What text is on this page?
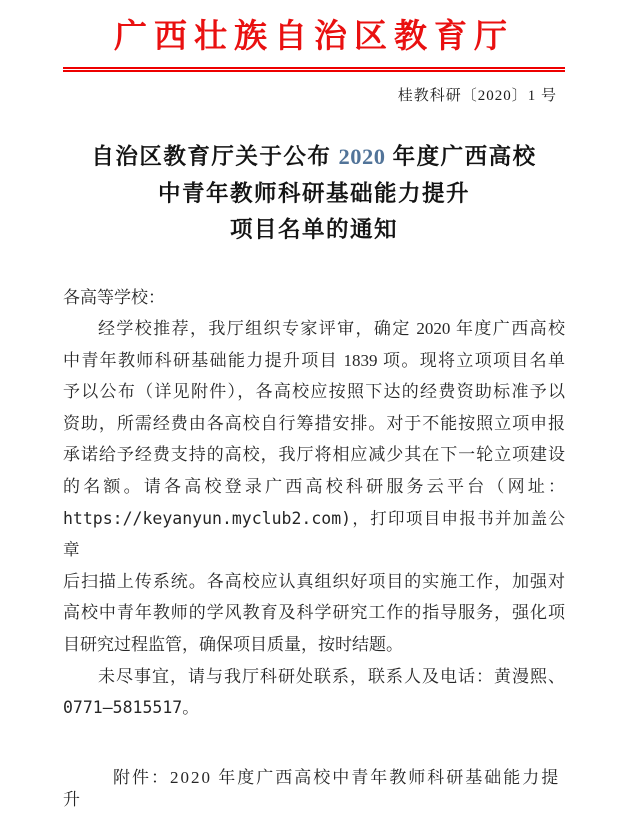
广西壮族自治区教育厅
桂教科研〔2020〕1 号
自治区教育厅关于公布 2020 年度广西高校
中青年教师科研基础能力提升
项目名单的通知
各高等学校：
经学校推荐，我厅组织专家评审，确定 2020 年度广西高校
中青年教师科研基础能力提升项目 1839 项。现将立项项目名单
予以公布（详见附件），各高校应按照下达的经费资助标准予以
资助，所需经费由各高校自行筹措安排。对于不能按照立项申报
承诺给予经费支持的高校，我厅将相应减少其在下一轮立项建设
的名额。请各高校登录广西高校科研服务云平台（网址：
https://keyanyun.myclub2.com)，打印项目申报书并加盖公章
后扫描上传系统。各高校应认真组织好项目的实施工作，加强对
高校中青年教师的学风教育及科学研究工作的指导服务，强化项
目研究过程监管，确保项目质量，按时结题。
未尽事宜，请与我厅科研处联系，联系人及电话：黄漫熙、
0771—5815517。
附件：2020 年度广西高校中青年教师科研基础能力提升
